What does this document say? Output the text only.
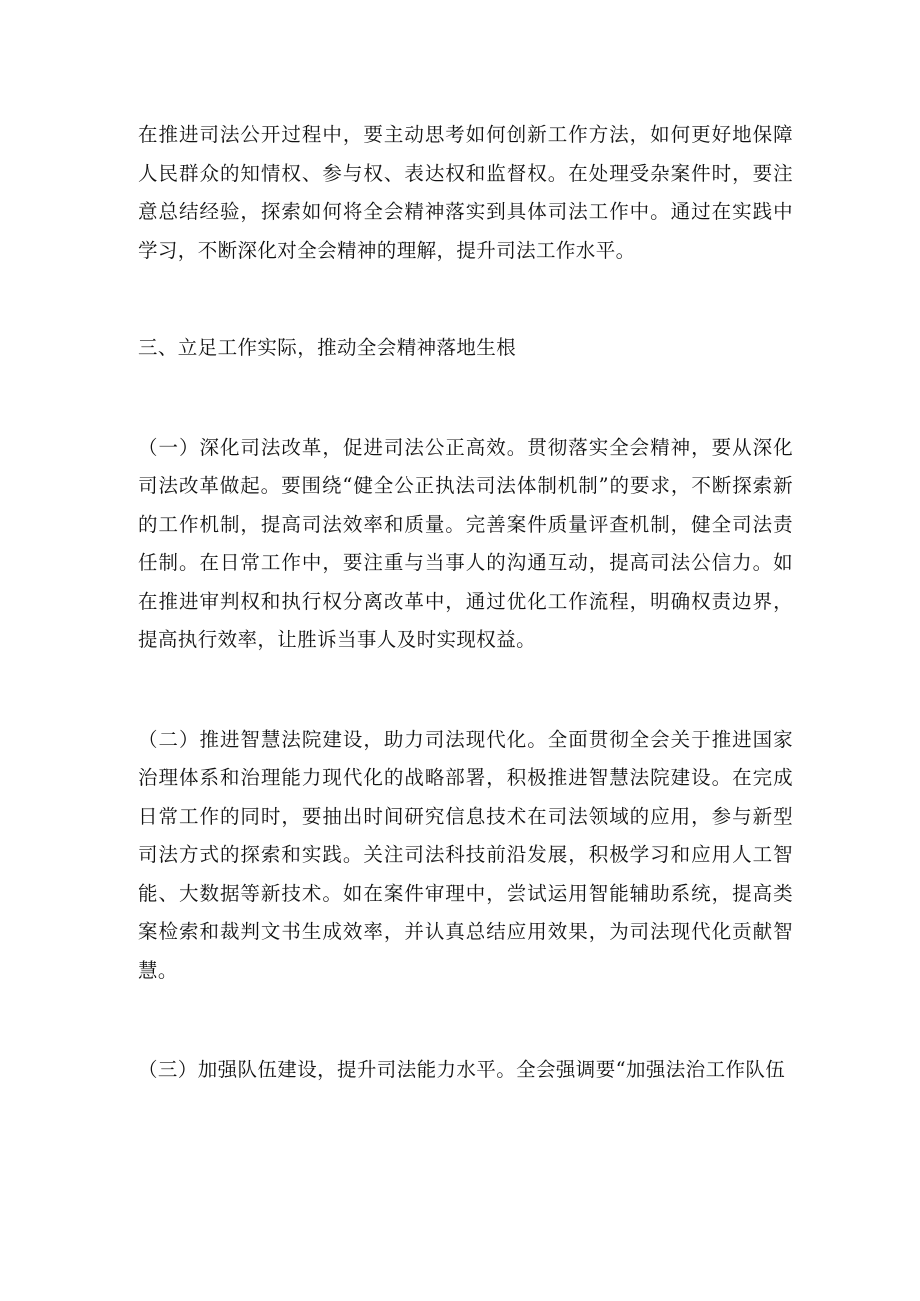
在推进司法公开过程中，要主动思考如何创新工作方法，如何更好地保障人民群众的知情权、参与权、表达权和监督权。在处理受杂案件时，要注意总结经验，探索如何将全会精神落实到具体司法工作中。通过在实践中学习，不断深化对全会精神的理解，提升司法工作水平。

三、立足工作实际，推动全会精神落地生根

（一）深化司法改革，促进司法公正高效。贯彻落实全会精神，要从深化司法改革做起。要围绕“健全公正执法司法体制机制”的要求，不断探索新的工作机制，提高司法效率和质量。完善案件质量评查机制，健全司法责任制。在日常工作中，要注重与当事人的沟通互动，提高司法公信力。如在推进审判权和执行权分离改革中，通过优化工作流程，明确权责边界，提高执行效率，让胜诉当事人及时实现权益。

（二）推进智慧法院建设，助力司法现代化。全面贯彻全会关于推进国家治理体系和治理能力现代化的战略部署，积极推进智慧法院建设。在完成日常工作的同时，要抽出时间研究信息技术在司法领域的应用，参与新型司法方式的探索和实践。关注司法科技前沿发展，积极学习和应用人工智能、大数据等新技术。如在案件审理中，尝试运用智能辅助系统，提高类案检索和裁判文书生成效率，并认真总结应用效果，为司法现代化贡献智慧。

（三）加强队伍建设，提升司法能力水平。全会强调要“加强法治工作队伍
